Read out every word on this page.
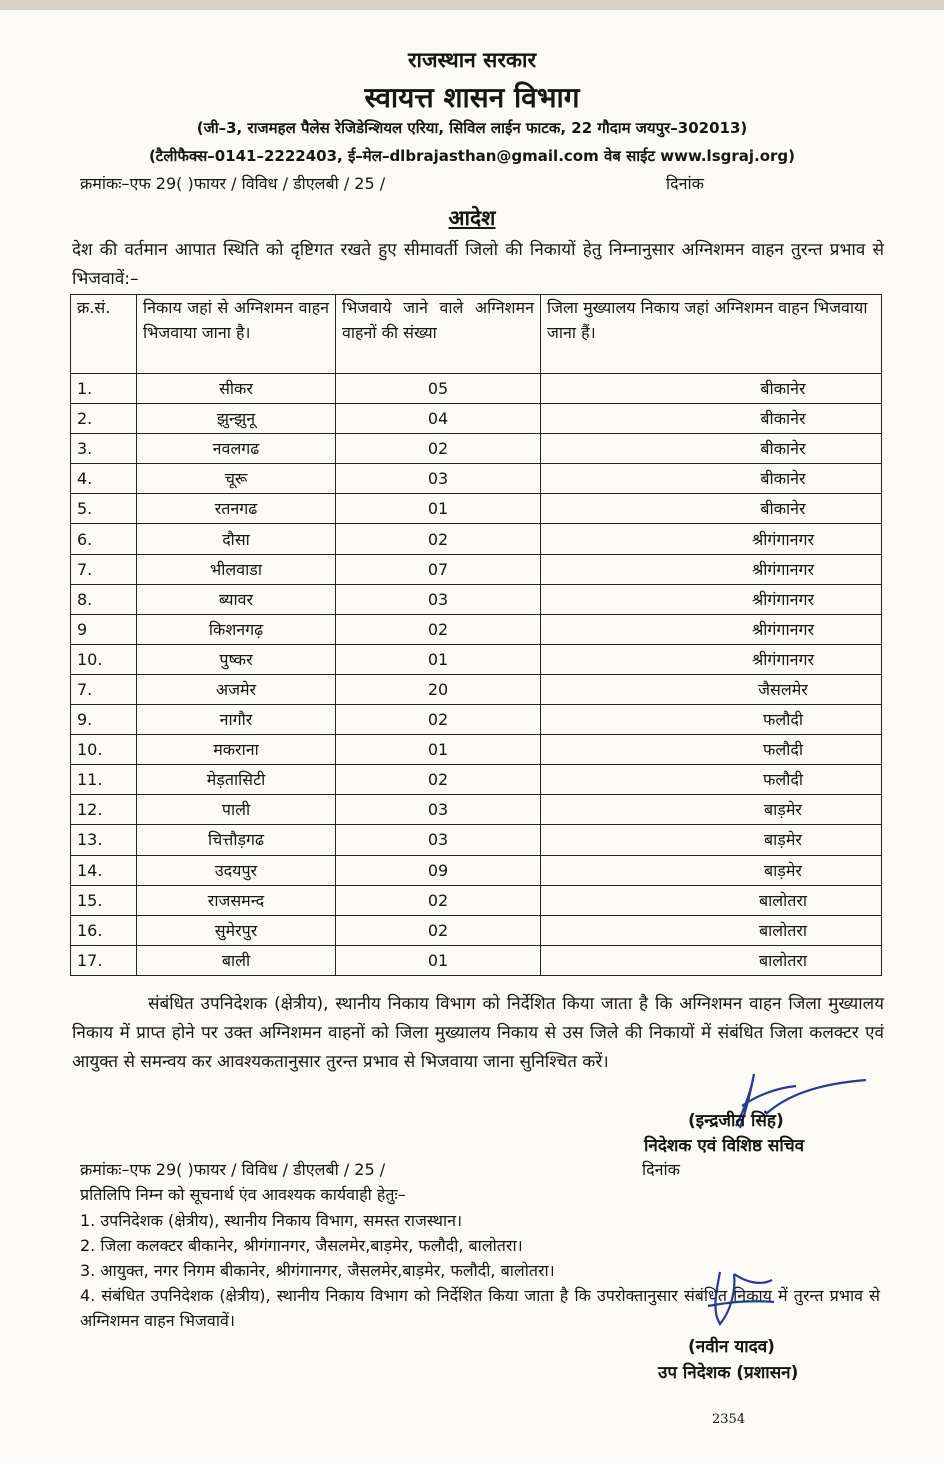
राजस्थान सरकार
स्वायत्त शासन विभाग
(जी–3, राजमहल पैलेस रेजिडेन्शियल एरिया, सिविल लाईन फाटक, 22 गौदाम जयपुर–302013)
(टैलीफैक्स–0141–2222403, ई–मेल–dlbrajasthan@gmail.com वेब साईट www.lsgraj.org)
क्रमांकः–एफ 29( )फायर / विविध / डीएलबी / 25 /	दिनांक
आदेश
देश की वर्तमान आपात स्थिति को दृष्टिगत रखते हुए सीमावर्ती जिलो की निकायों हेतु निम्नानुसार अग्निशमन वाहन तुरन्त प्रभाव से भिजवावें:–
क्र.सं.	निकाय जहां से अग्निशमन वाहन भिजवाया जाना है।	भिजवाये जाने वाले अग्निशमन वाहनों की संख्या	जिला मुख्यालय निकाय जहां अग्निशमन वाहन भिजवाया जाना हैं।
1.	सीकर	05	बीकानेर
2.	झुन्झुनू	04	बीकानेर
3.	नवलगढ	02	बीकानेर
4.	चूरू	03	बीकानेर
5.	रतनगढ	01	बीकानेर
6.	दौसा	02	श्रीगंगानगर
7.	भीलवाडा	07	श्रीगंगानगर
8.	ब्यावर	03	श्रीगंगानगर
9	किशनगढ़	02	श्रीगंगानगर
10.	पुष्कर	01	श्रीगंगानगर
7.	अजमेर	20	जैसलमेर
9.	नागौर	02	फलौदी
10.	मकराना	01	फलौदी
11.	मेड़तासिटी	02	फलौदी
12.	पाली	03	बाड़मेर
13.	चित्तौड़गढ	03	बाड़मेर
14.	उदयपुर	09	बाड़मेर
15.	राजसमन्द	02	बालोतरा
16.	सुमेरपुर	02	बालोतरा
17.	बाली	01	बालोतरा
संबंधित उपनिदेशक (क्षेत्रीय), स्थानीय निकाय विभाग को निर्देशित किया जाता है कि अग्निशमन वाहन जिला मुख्यालय निकाय में प्राप्त होने पर उक्त अग्निशमन वाहनों को जिला मुख्यालय निकाय से उस जिले की निकायों में संबंधित जिला कलक्टर एवं आयुक्त से समन्वय कर आवश्यकतानुसार तुरन्त प्रभाव से भिजवाया जाना सुनिश्चित करें।
(इन्द्रजीत सिंह)
निदेशक एवं विशिष्ठ सचिव
क्रमांकः–एफ 29( )फायर / विविध / डीएलबी / 25 /	दिनांक
प्रतिलिपि निम्न को सूचनार्थ एंव आवश्यक कार्यवाही हेतुः–
1. उपनिदेशक (क्षेत्रीय), स्थानीय निकाय विभाग, समस्त राजस्थान।
2. जिला कलक्टर बीकानेर, श्रीगंगानगर, जैसलमेर,बाड़मेर, फलौदी, बालोतरा।
3. आयुक्त, नगर निगम बीकानेर, श्रीगंगानगर, जैसलमेर,बाड़मेर, फलौदी, बालोतरा।
4. संबंधित उपनिदेशक (क्षेत्रीय), स्थानीय निकाय विभाग को निर्देशित किया जाता है कि उपरोक्तानुसार संबंधित निकाय में तुरन्त प्रभाव से अग्निशमन वाहन भिजवावें।
(नवीन यादव)
उप निदेशक (प्रशासन)
2354
